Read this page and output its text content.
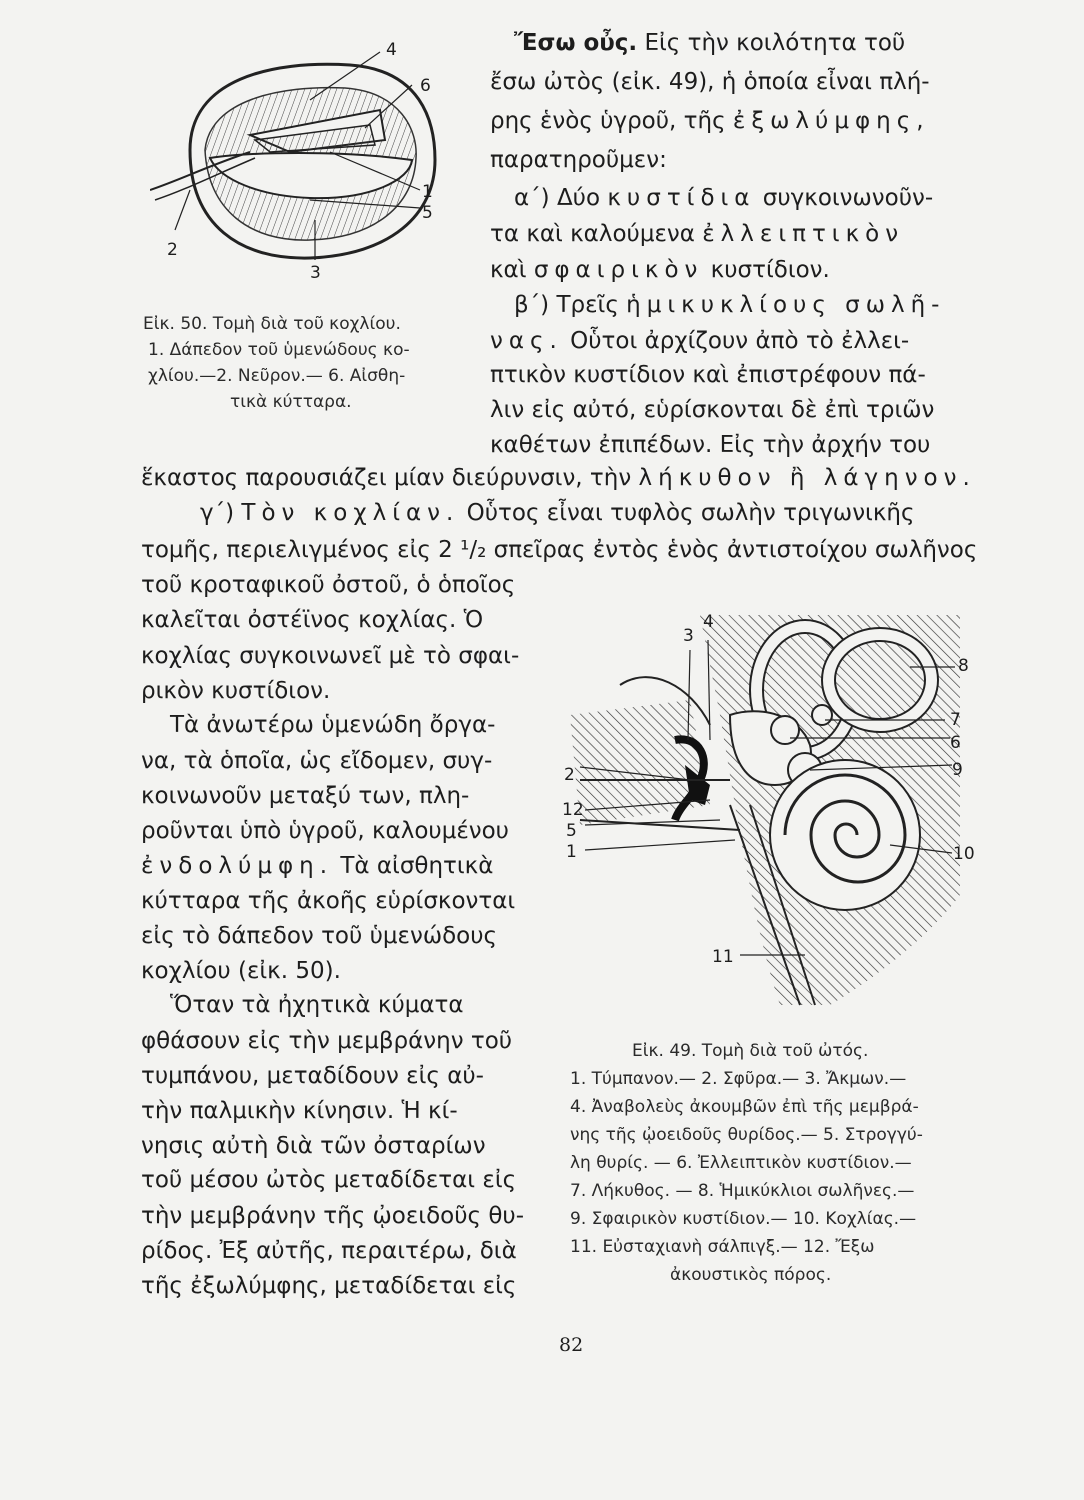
4
6
1
5
2
3
Εἰκ. 50. Τομὴ διὰ τοῦ κοχλίου.
1. Δάπεδον τοῦ ὑμενώδους κο-
χλίου.—2. Νεῦρον.— 6. Αἰσθη-
τικὰ κύτταρα.
Ἔσω οὖς. Εἰς τὴν κοιλότητα τοῦ
ἔσω ὠτὸς (εἰκ. 49), ἡ ὁποία εἶναι πλή-
ρης ἑνὸς ὑγροῦ, τῆς ἐξωλύμφης,
παρατηροῦμεν:
α΄) Δύο κυστίδια συγκοινωνοῦν-
τα καὶ καλούμενα ἐλλειπτικὸν
καὶ σφαιρικὸν κυστίδιον.
β΄) Τρεῖς ἡμικυκλίους σωλῆ-
νας. Οὗτοι ἀρχίζουν ἀπὸ τὸ ἐλλει-
πτικὸν κυστίδιον καὶ ἐπιστρέφουν πά-
λιν εἰς αὐτό, εὑρίσκονται δὲ ἐπὶ τριῶν
καθέτων ἐπιπέδων. Εἰς τὴν ἀρχήν του
ἕκαστος παρουσιάζει μίαν διεύρυνσιν, τὴν λήκυθον ἢ λάγηνον.
γ΄) Τὸν κοχλίαν. Οὗτος εἶναι τυφλὸς σωλὴν τριγωνικῆς
τομῆς, περιελιγμένος εἰς 2 ¹/₂ σπεῖρας ἐντὸς ἑνὸς ἀντιστοίχου σωλῆνος
τοῦ κροταφικοῦ ὀστοῦ, ὁ ὁποῖος
καλεῖται ὀστέϊνος κοχλίας. Ὁ
κοχλίας συγκοινωνεῖ μὲ τὸ σφαι-
ρικὸν κυστίδιον.
Τὰ ἀνωτέρω ὑμενώδη ὄργα-
να, τὰ ὁποῖα, ὡς εἴδομεν, συγ-
κοινωνοῦν μεταξύ των, πλη-
ροῦνται ὑπὸ ὑγροῦ, καλουμένου
ἐνδολύμφη. Τὰ αἰσθητικὰ
κύτταρα τῆς ἀκοῆς εὑρίσκονται
εἰς τὸ δάπεδον τοῦ ὑμενώδους
κοχλίου (εἰκ. 50).
Ὅταν τὰ ἠχητικὰ κύματα
φθάσουν εἰς τὴν μεμβράνην τοῦ
τυμπάνου, μεταδίδουν εἰς αὐ-
τὴν παλμικὴν κίνησιν. Ἡ κί-
νησις αὐτὴ διὰ τῶν ὀσταρίων
τοῦ μέσου ὠτὸς μεταδίδεται εἰς
τὴν μεμβράνην τῆς ᾠοειδοῦς θυ-
ρίδος. Ἐξ αὐτῆς, περαιτέρω, διὰ
τῆς ἐξωλύμφης, μεταδίδεται εἰς
4
3
8
7
6
9
2
12
5
1	10
11
Εἰκ. 49. Τομὴ διὰ τοῦ ὠτός.
1. Τύμπανον.— 2. Σφῦρα.— 3. Ἄκμων.—
4. Ἀναβολεὺς ἀκουμβῶν ἐπὶ τῆς μεμβρά-
νης τῆς ᾠοειδοῦς θυρίδος.— 5. Στρογγύ-
λη θυρίς. — 6. Ἐλλειπτικὸν κυστίδιον.—
7. Λήκυθος. — 8. Ἡμικύκλιοι σωλῆνες.—
9. Σφαιρικὸν κυστίδιον.— 10. Κοχλίας.—
11. Εὐσταχιανὴ σάλπιγξ.— 12. Ἔξω
ἀκουστικὸς πόρος.
82
